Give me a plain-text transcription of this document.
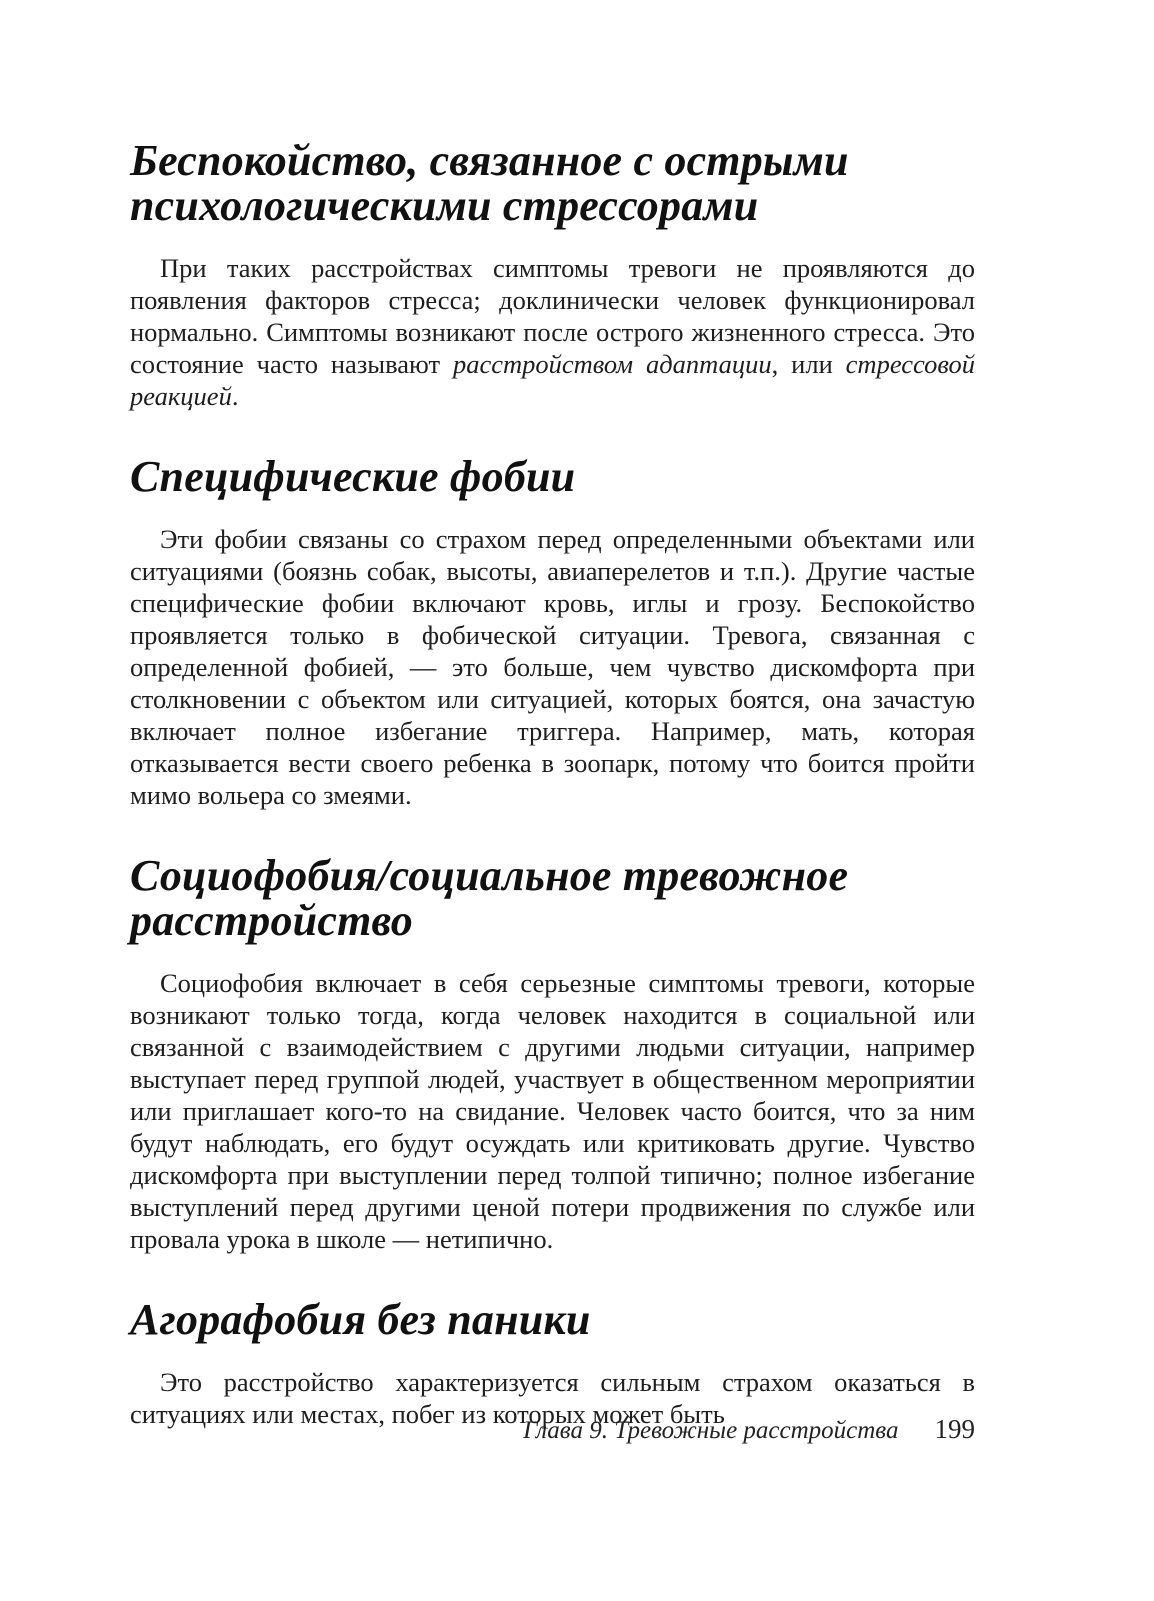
Беспокойство, связанное с острыми психологическими стрессорами

При таких расстройствах симптомы тревоги не проявляются до появления факторов стресса; доклинически человек функционировал нормально. Симптомы возникают после острого жизненного стресса. Это состояние часто называют расстройством адаптации, или стрессовой реакцией.

Специфические фобии

Эти фобии связаны со страхом перед определенными объектами или ситуациями (боязнь собак, высоты, авиаперелетов и т.п.). Другие частые специфические фобии включают кровь, иглы и грозу. Беспокойство проявляется только в фобической ситуации. Тревога, связанная с определенной фобией, — это больше, чем чувство дискомфорта при столкновении с объектом или ситуацией, которых боятся, она зачастую включает полное избегание триггера. Например, мать, которая отказывается вести своего ребенка в зоопарк, потому что боится пройти мимо вольера со змеями.

Социофобия/социальное тревожное расстройство

Социофобия включает в себя серьезные симптомы тревоги, которые возникают только тогда, когда человек находится в социальной или связанной с взаимодействием с другими людьми ситуации, например выступает перед группой людей, участвует в общественном мероприятии или приглашает кого-то на свидание. Человек часто боится, что за ним будут наблюдать, его будут осуждать или критиковать другие. Чувство дискомфорта при выступлении перед толпой типично; полное избегание выступлений перед другими ценой потери продвижения по службе или провала урока в школе — нетипично.

Агорафобия без паники

Это расстройство характеризуется сильным страхом оказаться в ситуациях или местах, побег из которых может быть

Глава 9. Тревожные расстройства 199
